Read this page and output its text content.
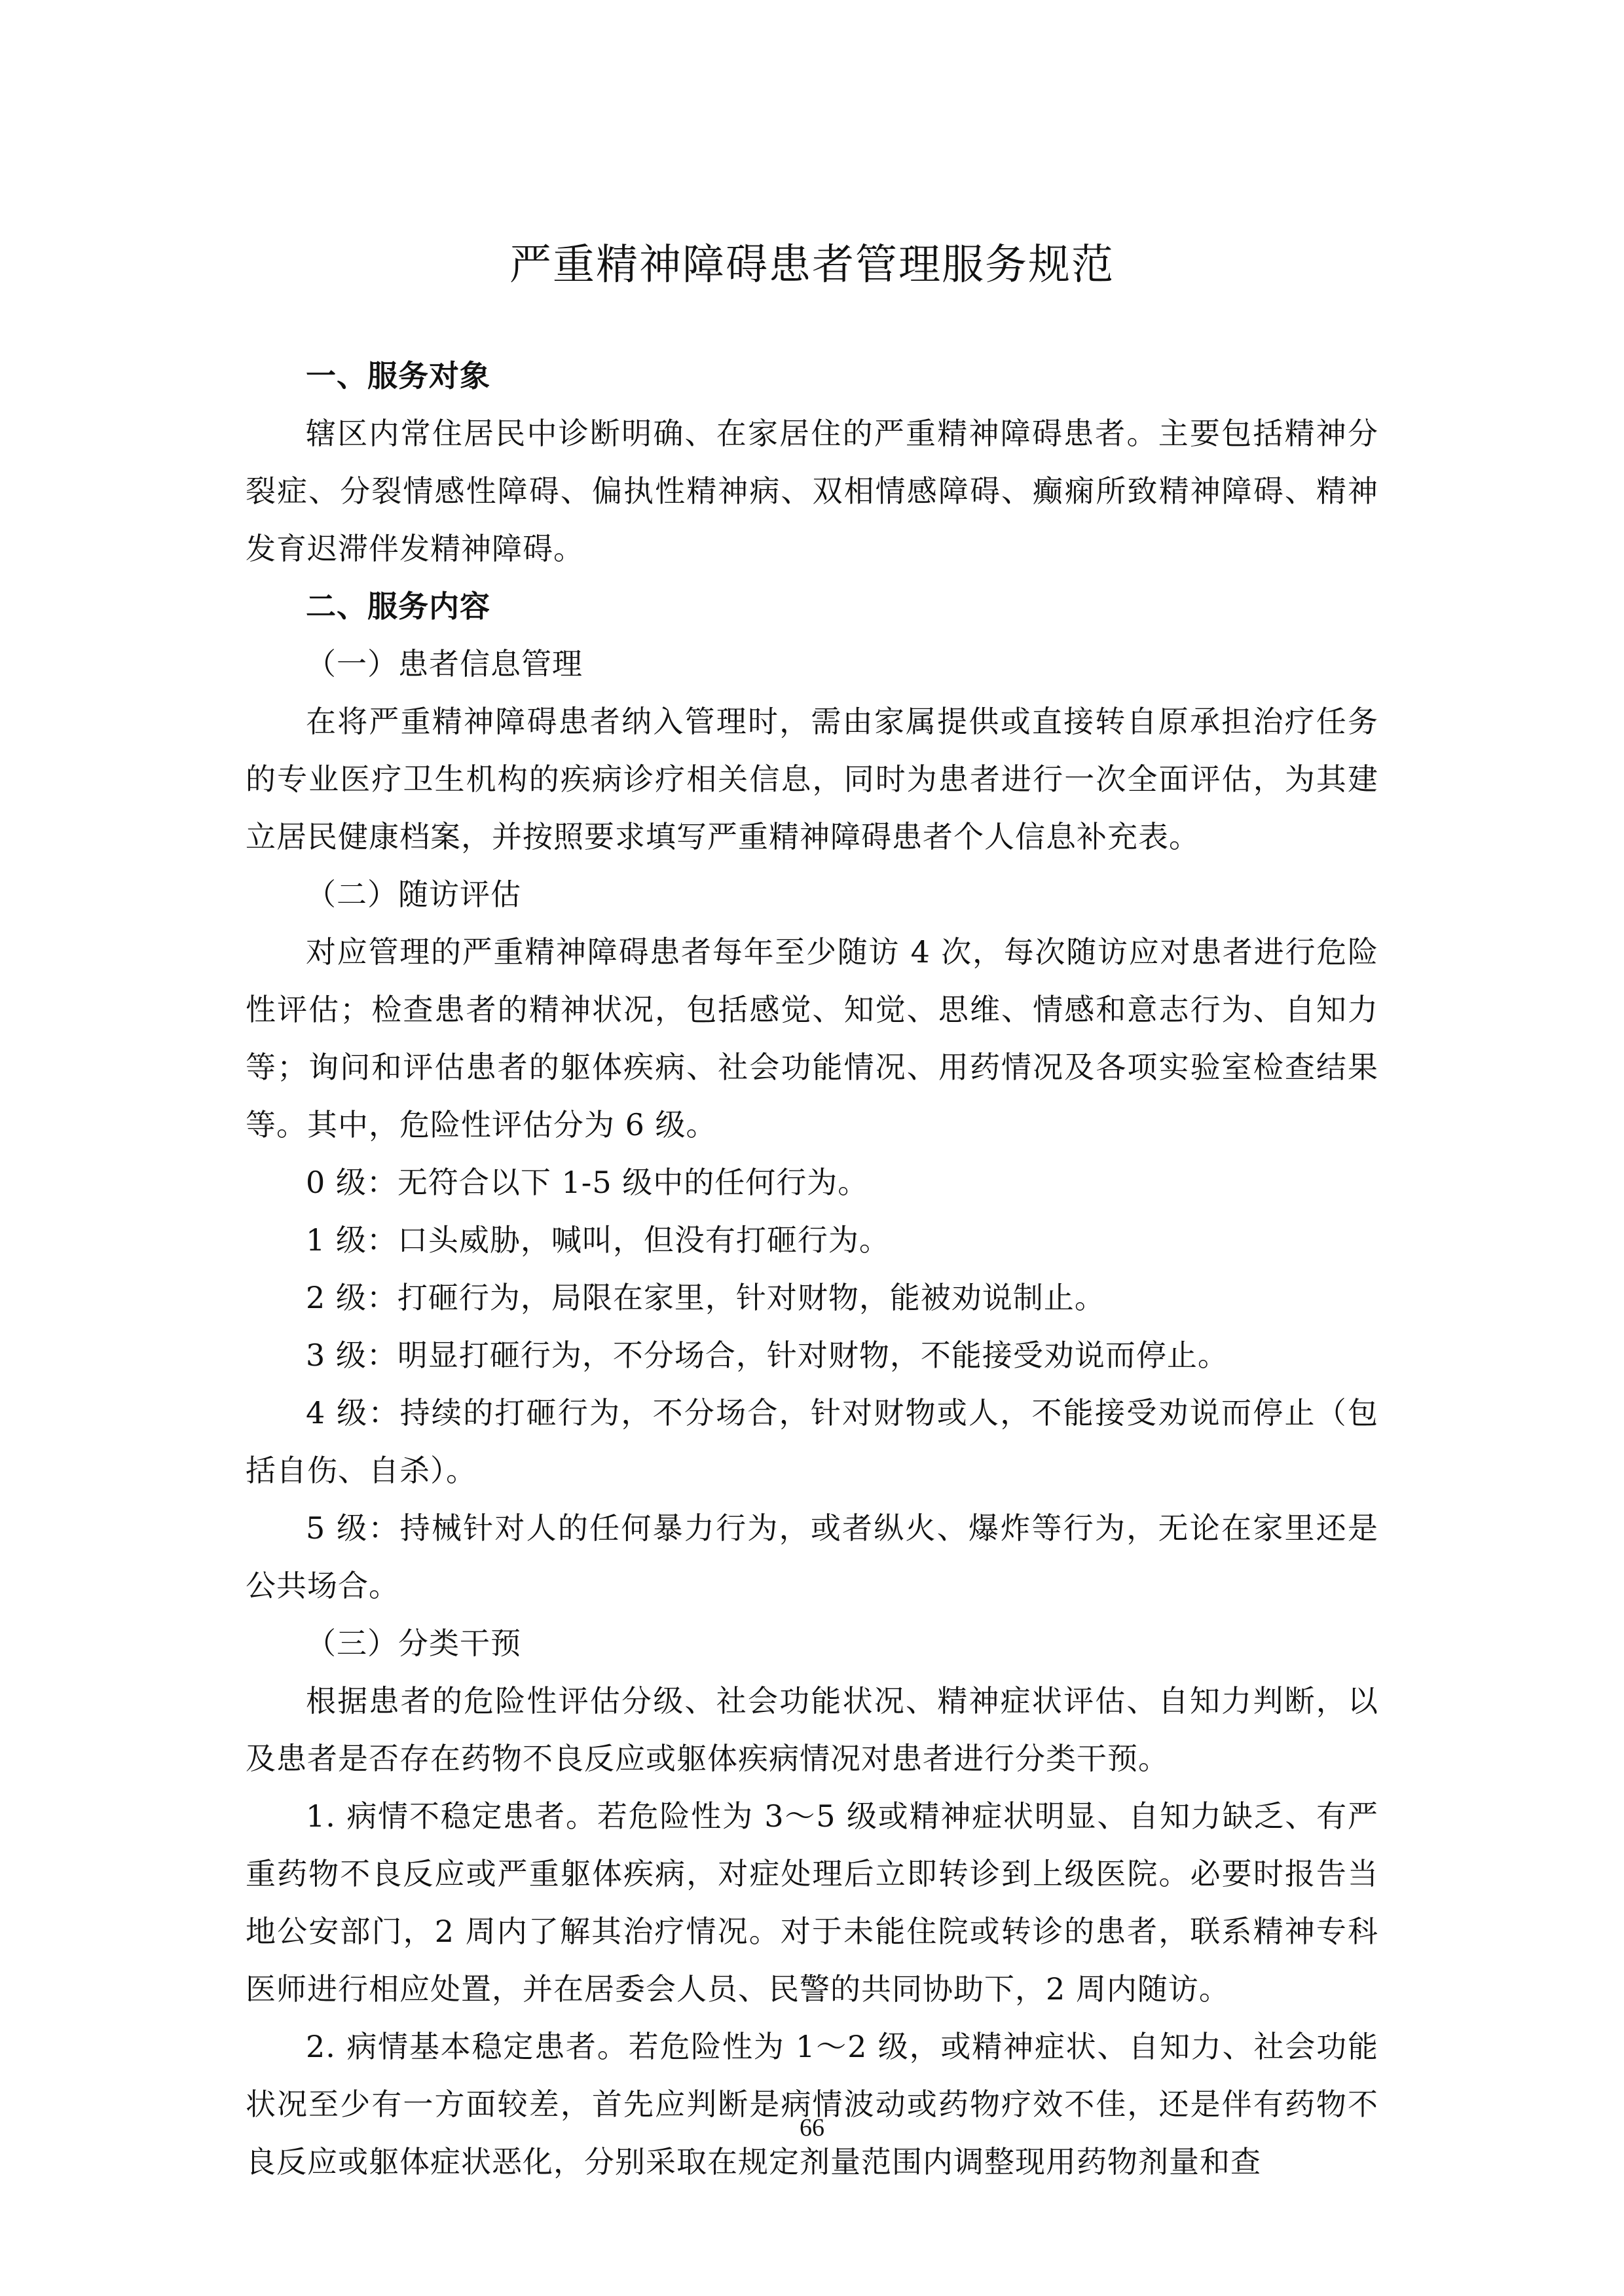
严重精神障碍患者管理服务规范

一、服务对象

辖区内常住居民中诊断明确、在家居住的严重精神障碍患者。主要包括精神分裂症、分裂情感性障碍、偏执性精神病、双相情感障碍、癫痫所致精神障碍、精神发育迟滞伴发精神障碍。

二、服务内容

（一）患者信息管理

在将严重精神障碍患者纳入管理时，需由家属提供或直接转自原承担治疗任务的专业医疗卫生机构的疾病诊疗相关信息，同时为患者进行一次全面评估，为其建立居民健康档案，并按照要求填写严重精神障碍患者个人信息补充表。

（二）随访评估

对应管理的严重精神障碍患者每年至少随访 4 次，每次随访应对患者进行危险性评估；检查患者的精神状况，包括感觉、知觉、思维、情感和意志行为、自知力等；询问和评估患者的躯体疾病、社会功能情况、用药情况及各项实验室检查结果等。其中，危险性评估分为 6 级。

0 级：无符合以下 1-5 级中的任何行为。

1 级：口头威胁，喊叫，但没有打砸行为。

2 级：打砸行为，局限在家里，针对财物，能被劝说制止。

3 级：明显打砸行为，不分场合，针对财物，不能接受劝说而停止。

4 级：持续的打砸行为，不分场合，针对财物或人，不能接受劝说而停止（包括自伤、自杀）。

5 级：持械针对人的任何暴力行为，或者纵火、爆炸等行为，无论在家里还是公共场合。

（三）分类干预

根据患者的危险性评估分级、社会功能状况、精神症状评估、自知力判断，以及患者是否存在药物不良反应或躯体疾病情况对患者进行分类干预。

1. 病情不稳定患者。若危险性为 3～5 级或精神症状明显、自知力缺乏、有严重药物不良反应或严重躯体疾病，对症处理后立即转诊到上级医院。必要时报告当地公安部门，2 周内了解其治疗情况。对于未能住院或转诊的患者，联系精神专科医师进行相应处置，并在居委会人员、民警的共同协助下，2 周内随访。

2. 病情基本稳定患者。若危险性为 1～2 级，或精神症状、自知力、社会功能状况至少有一方面较差，首先应判断是病情波动或药物疗效不佳，还是伴有药物不良反应或躯体症状恶化，分别采取在规定剂量范围内调整现用药物剂量和查

66
